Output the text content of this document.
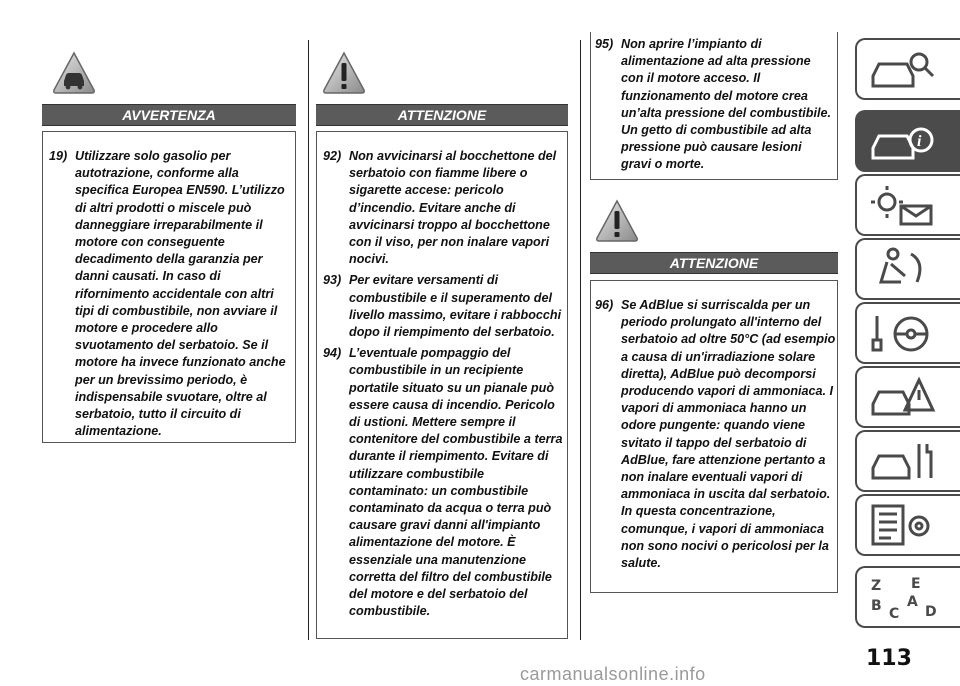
AVVERTENZA
19) Utilizzare solo gasolio per autotrazione, conforme alla specifica Europea EN590. L’utilizzo di altri prodotti o miscele può danneggiare irreparabilmente il motore con conseguente decadimento della garanzia per danni causati. In caso di rifornimento accidentale con altri tipi di combustibile, non avviare il motore e procedere allo svuotamento del serbatoio. Se il motore ha invece funzionato anche per un brevissimo periodo, è indispensabile svuotare, oltre al serbatoio, tutto il circuito di alimentazione.
ATTENZIONE
92) Non avvicinarsi al bocchettone del serbatoio con fiamme libere o sigarette accese: pericolo d’incendio. Evitare anche di avvicinarsi troppo al bocchettone con il viso, per non inalare vapori nocivi.
93) Per evitare versamenti di combustibile e il superamento del livello massimo, evitare i rabbocchi dopo il riempimento del serbatoio.
94) L’eventuale pompaggio del combustibile in un recipiente portatile situato su un pianale può essere causa di incendio. Pericolo di ustioni. Mettere sempre il contenitore del combustibile a terra durante il riempimento. Evitare di utilizzare combustibile contaminato: un combustibile contaminato da acqua o terra può causare gravi danni all'impianto alimentazione del motore. È essenziale una manutenzione corretta del filtro del combustibile del motore e del serbatoio del combustibile.
95) Non aprire l’impianto di alimentazione ad alta pressione con il motore acceso. Il funzionamento del motore crea un’alta pressione del combustibile. Un getto di combustibile ad alta pressione può causare lesioni gravi o morte.
ATTENZIONE
96) Se AdBlue si surriscalda per un periodo prolungato all'interno del serbatoio ad oltre 50°C (ad esempio a causa di un'irradiazione solare diretta), AdBlue può decomporsi producendo vapori di ammoniaca. I vapori di ammoniaca hanno un odore pungente: quando viene svitato il tappo del serbatoio di AdBlue, fare attenzione pertanto a non inalare eventuali vapori di ammoniaca in uscita dal serbatoio. In questa concentrazione, comunque, i vapori di ammoniaca non sono nocivi o pericolosi per la salute.
i
Z E
B A
C D
113
carmanualsonline.info
